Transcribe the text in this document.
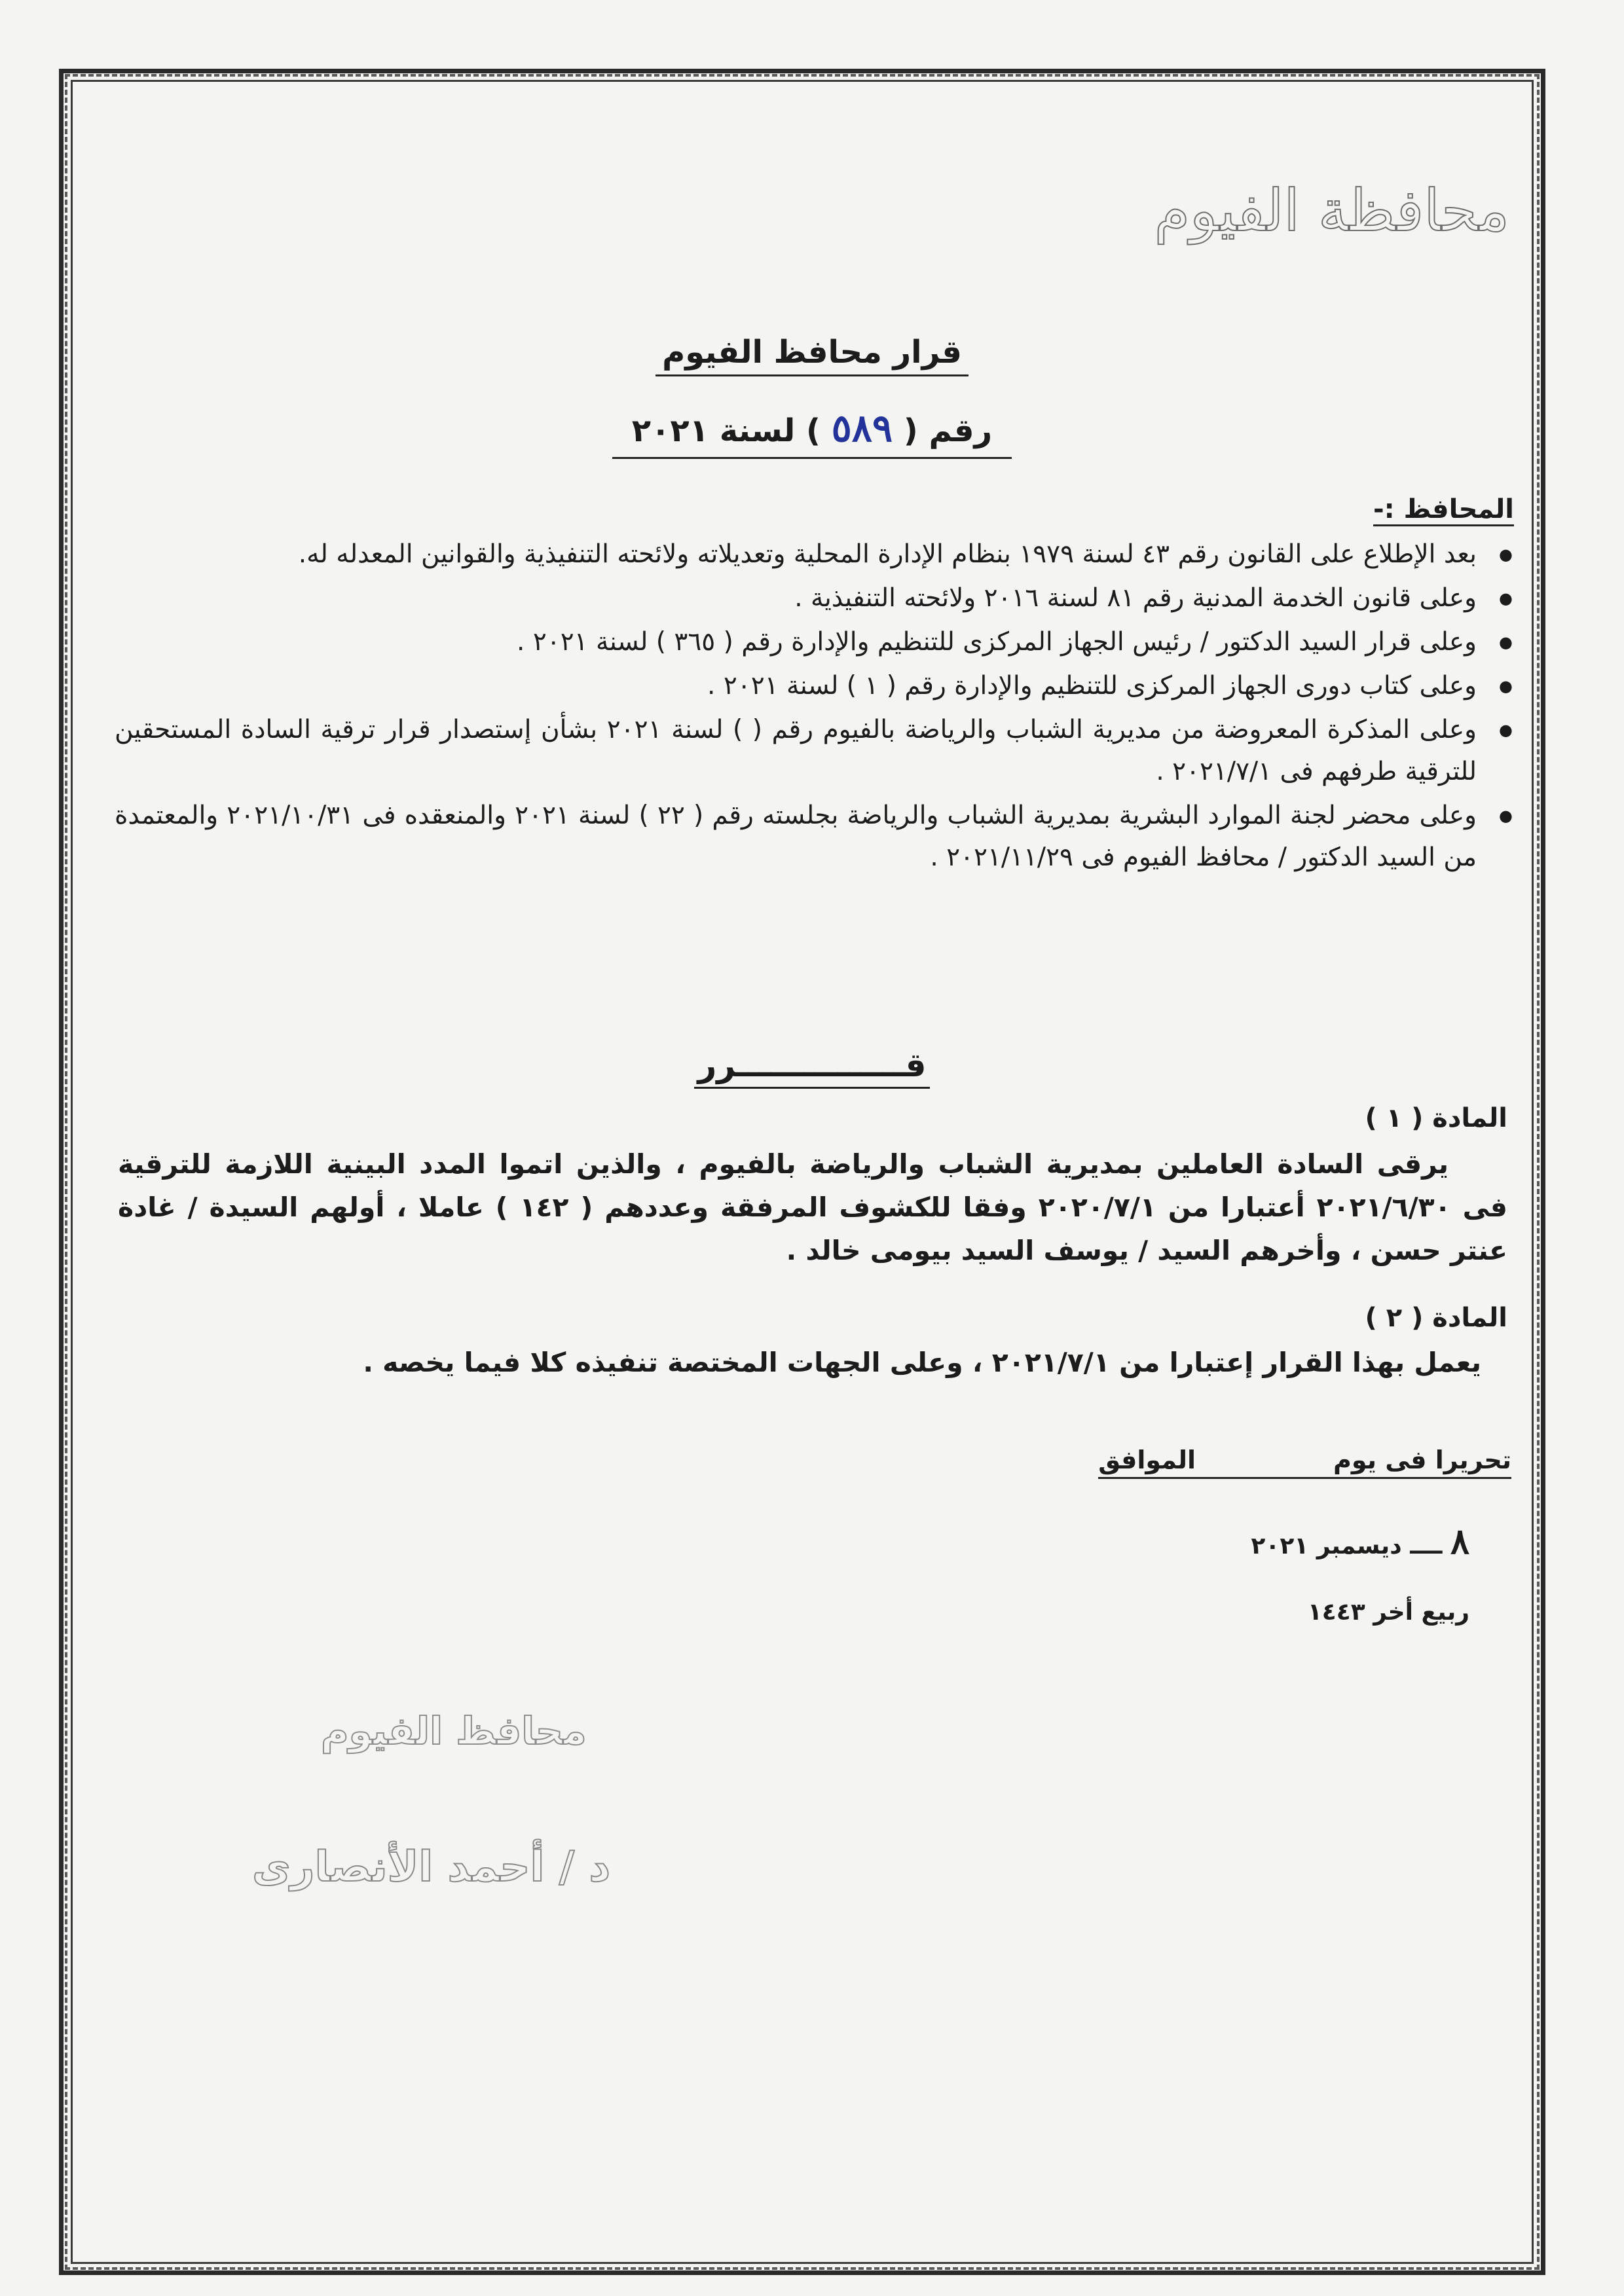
محافظة الفيوم
قرار محافظ الفيوم
رقم ( ٥٨٩ ) لسنة ٢٠٢١
المحافظ :-
● بعد الإطلاع على القانون رقم ٤٣ لسنة ١٩٧٩ بنظام الإدارة المحلية وتعديلاته ولائحته التنفيذية والقوانين المعدله له.
● وعلى قانون الخدمة المدنية رقم ٨١ لسنة ٢٠١٦ ولائحته التنفيذية .
● وعلى قرار السيد الدكتور / رئيس الجهاز المركزى للتنظيم والإدارة رقم ( ٣٦٥ ) لسنة ٢٠٢١ .
● وعلى كتاب دورى الجهاز المركزى للتنظيم والإدارة رقم ( ١ ) لسنة ٢٠٢١ .
● وعلى المذكرة المعروضة من مديرية الشباب والرياضة بالفيوم رقم ( ) لسنة ٢٠٢١ بشأن إستصدار قرار ترقية السادة المستحقين للترقية طرفهم فى ٢٠٢١/٧/١ .
● وعلى محضر لجنة الموارد البشرية بمديرية الشباب والرياضة بجلسته رقم ( ٢٢ ) لسنة ٢٠٢١ والمنعقده فى ٢٠٢١/١٠/٣١ والمعتمدة من السيد الدكتور / محافظ الفيوم فى ٢٠٢١/١١/٢٩ .
قـــــــــــــــرر
المادة ( ١ )
يرقى السادة العاملين بمديرية الشباب والرياضة بالفيوم ، والذين اتموا المدد البينية اللازمة للترقية فى ٢٠٢١/٦/٣٠ أعتبارا من ٢٠٢٠/٧/١ وفقا للكشوف المرفقة وعددهم ( ١٤٢ ) عاملا ، أولهم السيدة / غادة عنتر حسن ، وأخرهم السيد / يوسف السيد بيومى خالد .
المادة ( ٢ )
يعمل بهذا القرار إعتبارا من ٢٠٢١/٧/١ ، وعلى الجهات المختصة تنفيذه كلا فيما يخصه .
تحريرا فى يومالموافق
٨ ــــ ديسمبر ٢٠٢١
ربيع أخر ١٤٤٣
محافظ الفيوم
د / أحمد الأنصارى
